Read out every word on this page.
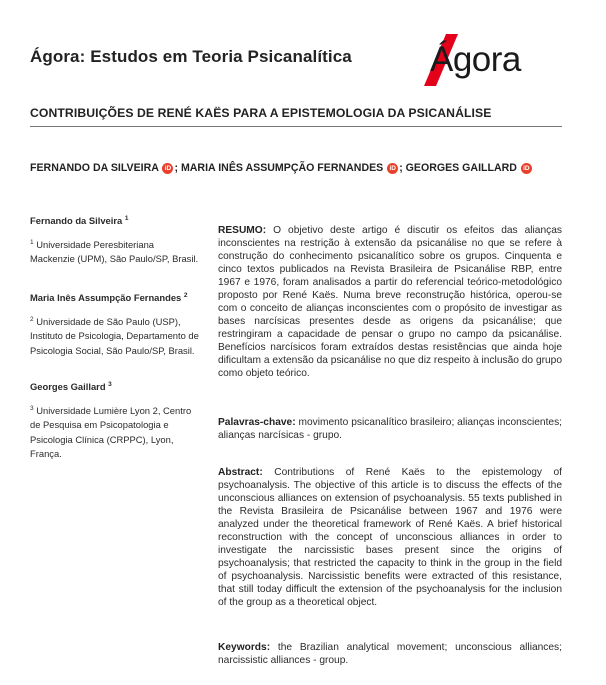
Ágora: Estudos em Teoria Psicanalítica Ágora
CONTRIBUIÇÕES DE RENÉ KAËS PARA A EPISTEMOLOGIA DA PSICANÁLISE
FERNANDO DA SILVEIRA iD ; MARIA INÊS ASSUMPÇÃO FERNANDES iD ; GEORGES GAILLARD iD
Fernando da Silveira $^1$
$^1$ Universidade Peresbiteriana Mackenzie (UPM), São Paulo/SP, Brasil.
Maria Inês Assumpção Fernandes $^2$
$^2$ Universidade de São Paulo (USP), Instituto de Psicologia, Departamento de Psicologia Social, São Paulo/SP, Brasil.
Georges Gaillard $^3$
$^3$ Universidade Lumière Lyon 2, Centro de Pesquisa em Psicopatologia e Psicologia Clínica (CRPPC), Lyon, França.
RESUMO: O objetivo deste artigo é discutir os efeitos das alianças inconscientes na restrição à extensão da psicanálise no que se refere à construção do conhecimento psicanalítico sobre os grupos. Cinquenta e cinco textos publicados na Revista Brasileira de Psicanálise RBP, entre 1967 e 1976, foram analisados a partir do referencial teórico-metodológico proposto por René Kaës. Numa breve reconstrução histórica, operou-se com o conceito de alianças inconscientes com o propósito de investigar as bases narcísicas presentes desde as origens da psicanálise; que restringiram a capacidade de pensar o grupo no campo da psicanálise. Benefícios narcísicos foram extraídos destas resistências que ainda hoje dificultam a extensão da psicanálise no que diz respeito à inclusão do grupo como objeto teórico.
Palavras-chave: movimento psicanalítico brasileiro; alianças inconscientes; alianças narcísicas - grupo.
Abstract: Contributions of René Kaës to the epistemology of psychoanalysis. The objective of this article is to discuss the effects of the unconscious alliances on extension of psychoanalysis. 55 texts published in the Revista Brasileira de Psicanálise between 1967 and 1976 were analyzed under the theoretical framework of René Kaës. A brief historical reconstruction with the concept of unconscious alliances in order to investigate the narcissistic bases present since the origins of psychoanalysis; that restricted the capacity to think in the group in the field of psychoanalysis. Narcissistic benefits were extracted of this resistance, that still today difficult the extension of the psychoanalysis for the inclusion of the group as a theoretical object.
Keywords: the Brazilian analytical movement; unconscious alliances; narcissistic alliances - group.
